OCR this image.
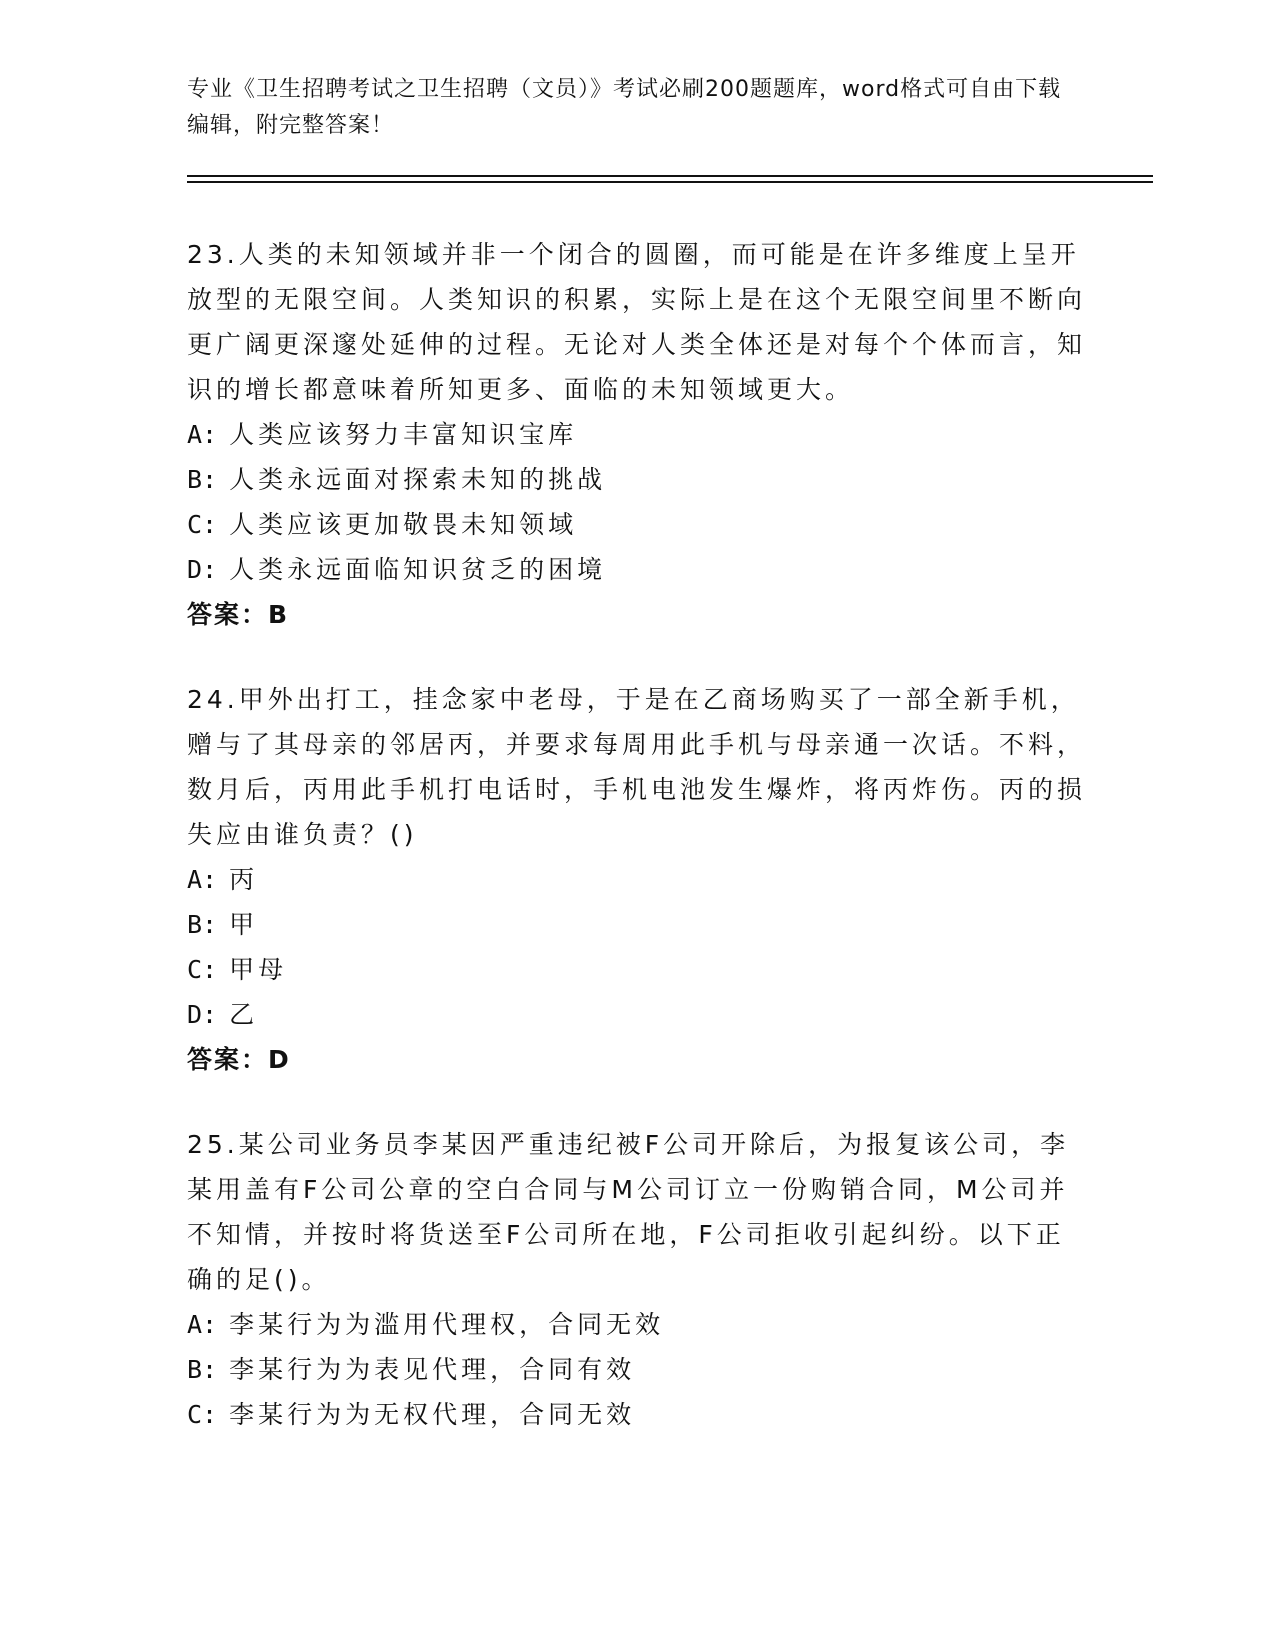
专业《卫生招聘考试之卫生招聘（文员）》考试必刷200题题库，word格式可自由下载编辑，附完整答案！
23.人类的未知领域并非一个闭合的圆圈，而可能是在许多维度上呈开放型的无限空间。人类知识的积累，实际上是在这个无限空间里不断向更广阔更深邃处延伸的过程。无论对人类全体还是对每个个体而言，知识的增长都意味着所知更多、面临的未知领域更大。
A: 人类应该努力丰富知识宝库
B: 人类永远面对探索未知的挑战
C: 人类应该更加敬畏未知领域
D: 人类永远面临知识贫乏的困境
答案：B
24.甲外出打工，挂念家中老母，于是在乙商场购买了一部全新手机，赠与了其母亲的邻居丙，并要求每周用此手机与母亲通一次话。不料，数月后，丙用此手机打电话时，手机电池发生爆炸，将丙炸伤。丙的损失应由谁负责？()
A: 丙
B: 甲
C: 甲母
D: 乙
答案：D
25.某公司业务员李某因严重违纪被F公司开除后，为报复该公司，李某用盖有F公司公章的空白合同与M公司订立一份购销合同，M公司并不知情，并按时将货送至F公司所在地，F公司拒收引起纠纷。以下正确的足()。
A: 李某行为为滥用代理权，合同无效
B: 李某行为为表见代理，合同有效
C: 李某行为为无权代理，合同无效
